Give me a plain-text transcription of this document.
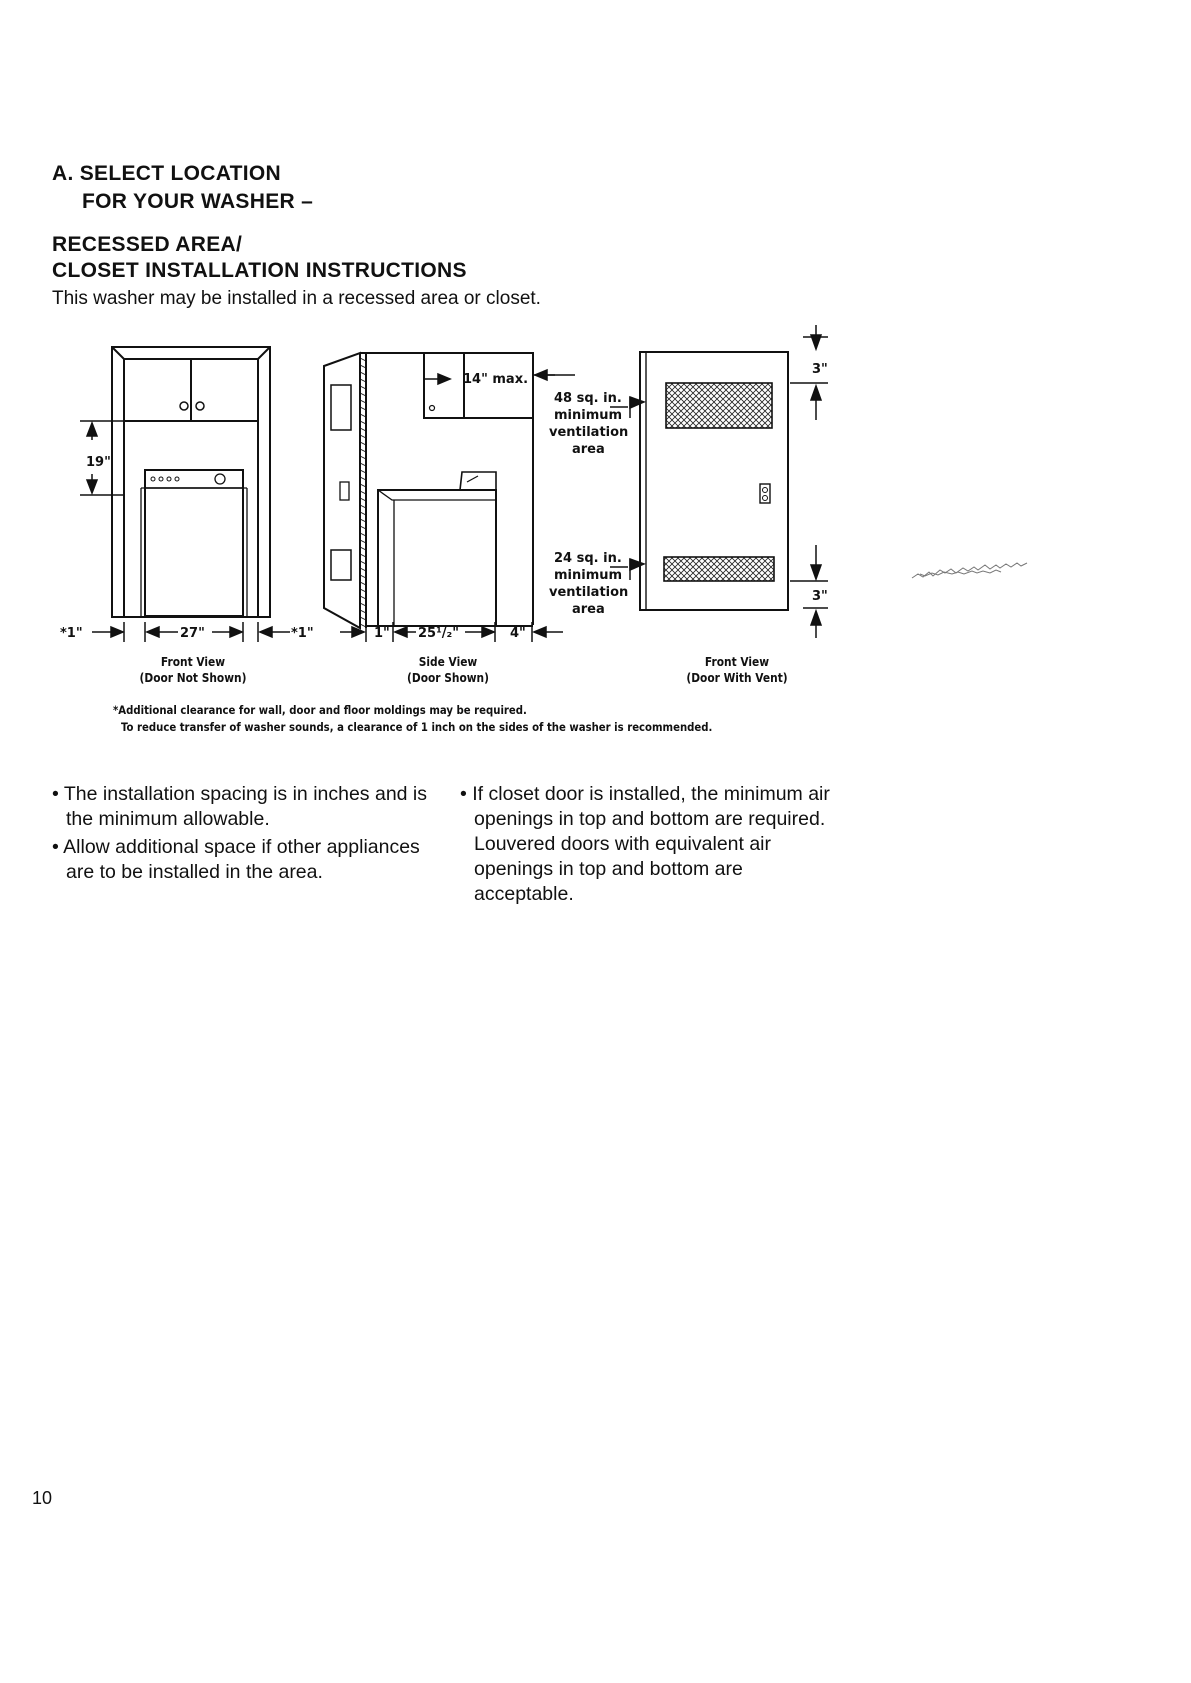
A. SELECT LOCATION
FOR YOUR WASHER –
RECESSED AREA/
CLOSET INSTALLATION INSTRUCTIONS
This washer may be installed in a recessed area or closet.
19"
*1"	27"	*1"
14" max.
1" 25¹/₂"	4"
48 sq. in.
minimum
ventilation
area
24 sq. in.
minimum
ventilation
area
3"
3"
Front View
(Door Not Shown)
Side View
(Door Shown)
Front View
(Door With Vent)
*Additional clearance for wall, door and floor moldings may be required.
To reduce transfer of washer sounds, a clearance of 1 inch on the sides of the washer is recommended.

• The installation spacing is in inches and is the minimum allowable.

• Allow additional space if other appliances are to be installed in the area.

• If closet door is installed, the minimum air openings in top and bottom are required. Louvered doors with equivalent air openings in top and bottom are acceptable.

10
